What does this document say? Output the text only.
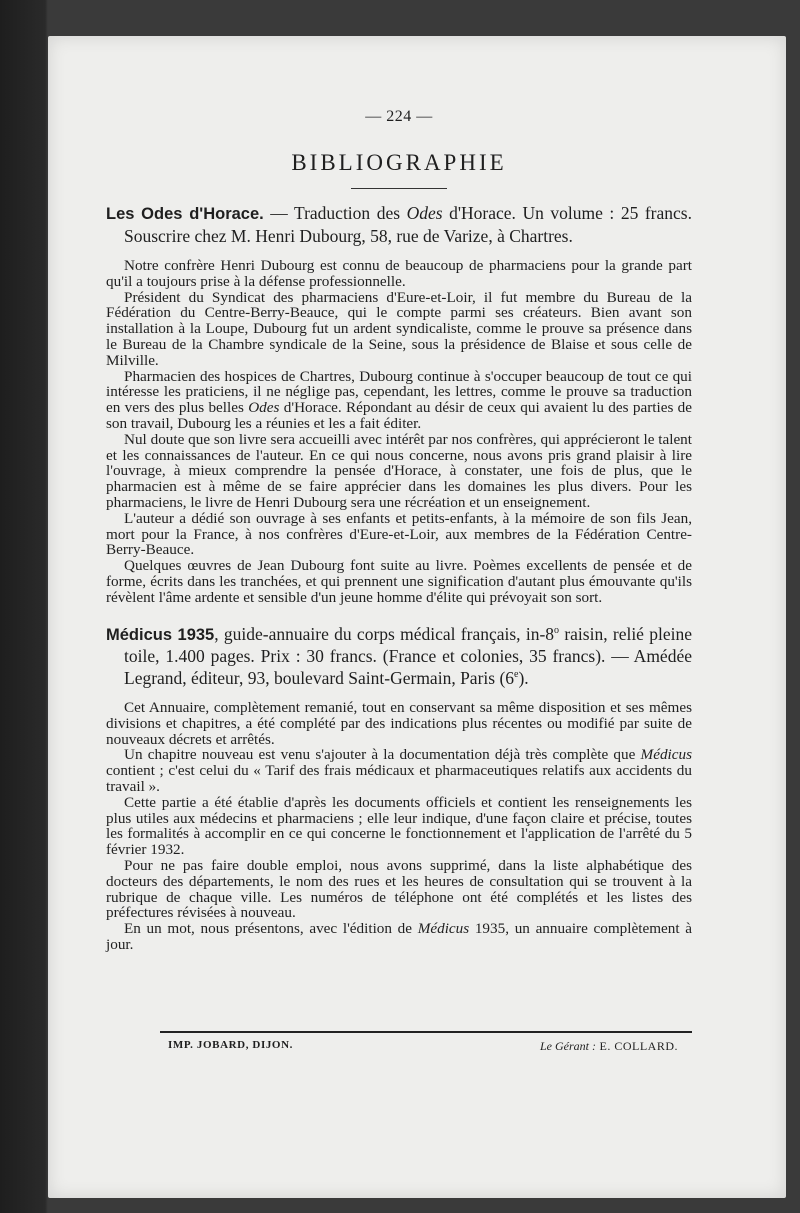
— 224 —
BIBLIOGRAPHIE

Les Odes d'Horace. — Traduction des Odes d'Horace. Un volume : 25 francs. Souscrire chez M. Henri Dubourg, 58, rue de Varize, à Chartres.

Notre confrère Henri Dubourg est connu de beaucoup de pharmaciens pour la grande part qu'il a toujours prise à la défense professionnelle.

Président du Syndicat des pharmaciens d'Eure-et-Loir, il fut membre du Bureau de la Fédération du Centre-Berry-Beauce, qui le compte parmi ses créateurs. Bien avant son installation à la Loupe, Dubourg fut un ardent syndicaliste, comme le prouve sa présence dans le Bureau de la Chambre syndicale de la Seine, sous la présidence de Blaise et sous celle de Milville.

Pharmacien des hospices de Chartres, Dubourg continue à s'occuper beaucoup de tout ce qui intéresse les praticiens, il ne néglige pas, cependant, les lettres, comme le prouve sa traduction en vers des plus belles Odes d'Horace. Répondant au désir de ceux qui avaient lu des parties de son travail, Dubourg les a réunies et les a fait éditer.

Nul doute que son livre sera accueilli avec intérêt par nos confrères, qui apprécieront le talent et les connaissances de l'auteur. En ce qui nous concerne, nous avons pris grand plaisir à lire l'ouvrage, à mieux comprendre la pensée d'Horace, à constater, une fois de plus, que le pharmacien est à même de se faire apprécier dans les domaines les plus divers. Pour les pharmaciens, le livre de Henri Dubourg sera une récréation et un enseignement.

L'auteur a dédié son ouvrage à ses enfants et petits-enfants, à la mémoire de son fils Jean, mort pour la France, à nos confrères d'Eure-et-Loir, aux membres de la Fédération Centre-Berry-Beauce.

Quelques œuvres de Jean Dubourg font suite au livre. Poèmes excellents de pensée et de forme, écrits dans les tranchées, et qui prennent une signification d'autant plus émouvante qu'ils révèlent l'âme ardente et sensible d'un jeune homme d'élite qui prévoyait son sort.

Médicus 1935, guide-annuaire du corps médical français, in-8$^o$ raisin, relié pleine toile, 1.400 pages. Prix : 30 francs. (France et colonies, 35 francs). — Amédée Legrand, éditeur, 93, boulevard Saint-Germain, Paris (6e).

Cet Annuaire, complètement remanié, tout en conservant sa même disposition et ses mêmes divisions et chapitres, a été complété par des indications plus récentes ou modifié par suite de nouveaux décrets et arrêtés.

Un chapitre nouveau est venu s'ajouter à la documentation déjà très complète que Médicus contient ; c'est celui du « Tarif des frais médicaux et pharmaceutiques relatifs aux accidents du travail ».

Cette partie a été établie d'après les documents officiels et contient les renseignements les plus utiles aux médecins et pharmaciens ; elle leur indique, d'une façon claire et précise, toutes les formalités à accomplir en ce qui concerne le fonctionnement et l'application de l'arrêté du 5 février 1932.

Pour ne pas faire double emploi, nous avons supprimé, dans la liste alphabétique des docteurs des départements, le nom des rues et les heures de consultation qui se trouvent à la rubrique de chaque ville. Les numéros de téléphone ont été complétés et les listes des préfectures révisées à nouveau.

En un mot, nous présentons, avec l'édition de Médicus 1935, un annuaire complètement à jour.

IMP. JOBARD, DIJON.	Le Gérant : E. COLLARD.
